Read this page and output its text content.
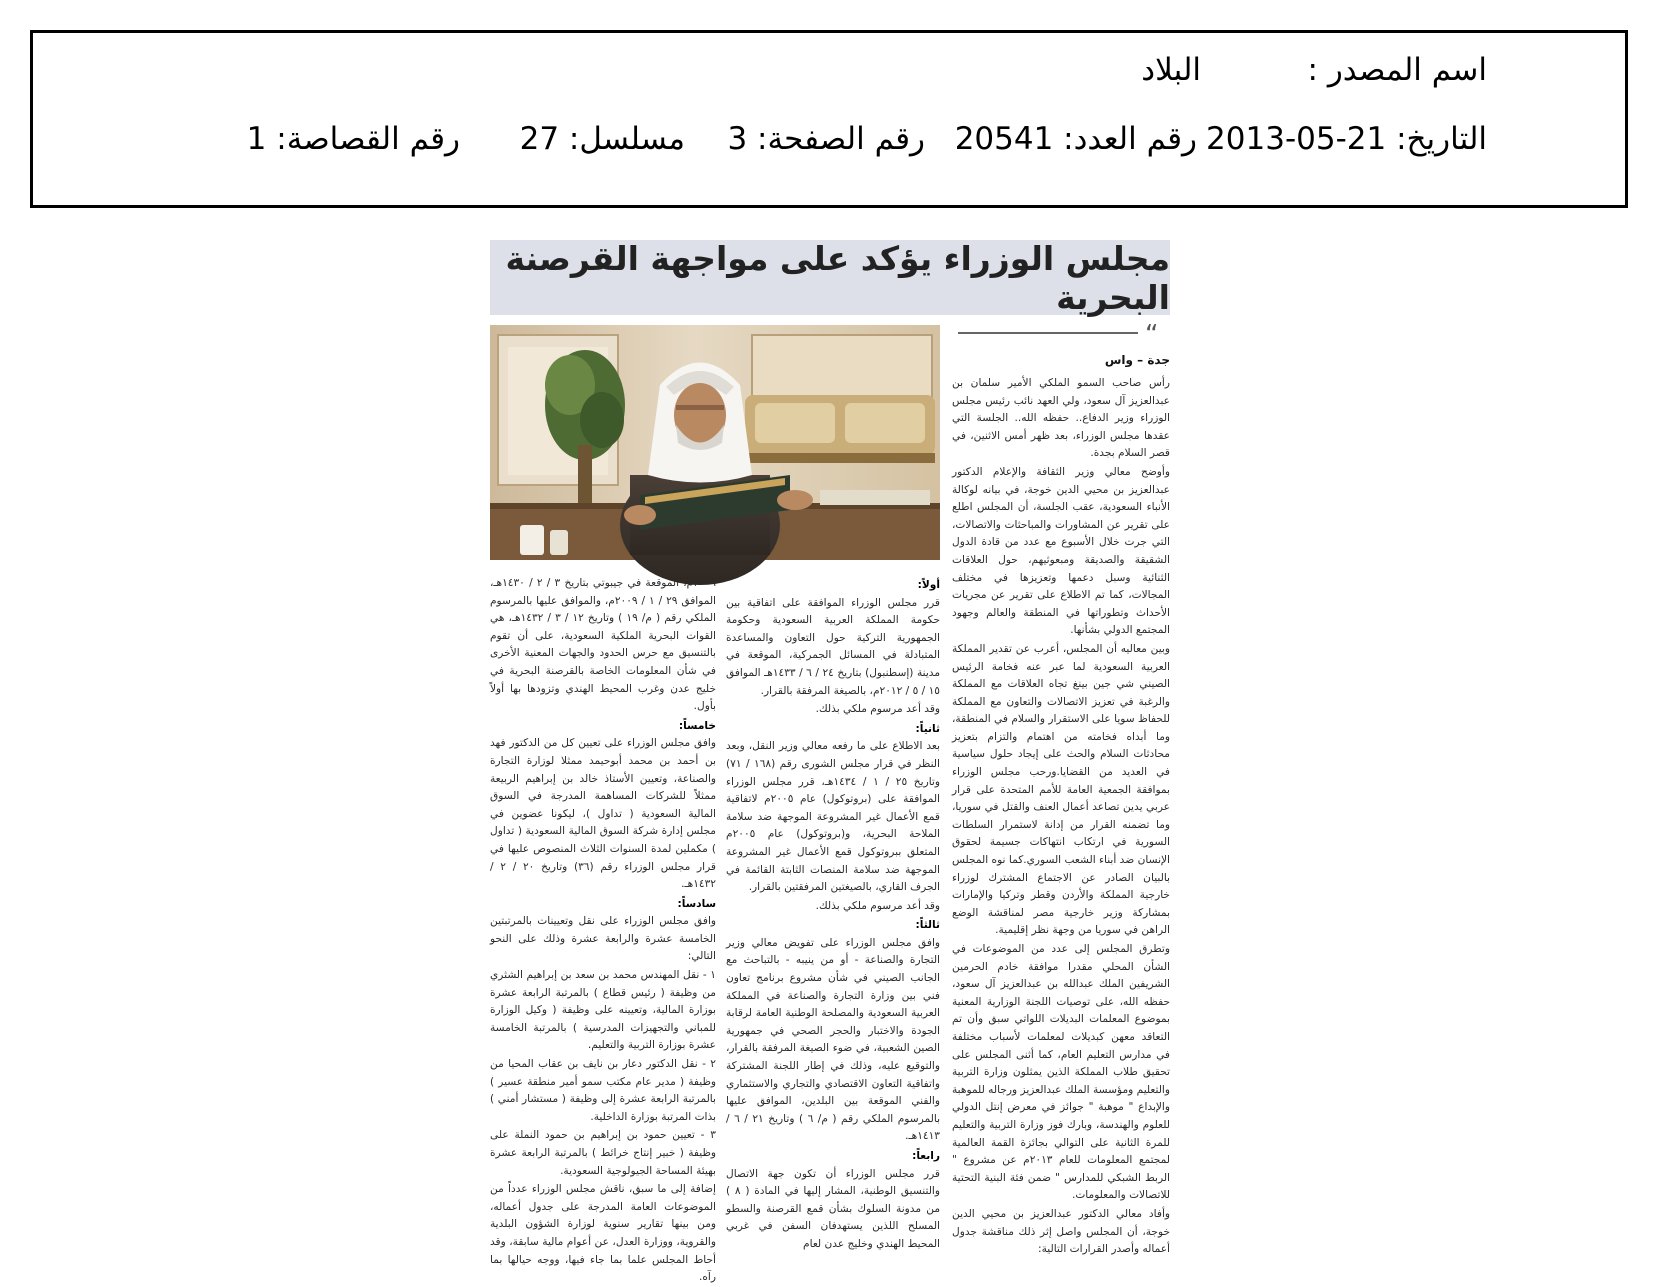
اسم المصدر :
البلاد
التاريخ: 21-05-2013
رقم العدد: 20541
رقم الصفحة: 3
مسلسل: 27
رقم القصاصة: 1
مجلس الوزراء يؤكد على مواجهة القرصنة البحرية
“
جدة – واس

رأس صاحب السمو الملكي الأمير سلمان بن عبدالعزيز آل سعود، ولي العهد نائب رئيس مجلس الوزراء وزير الدفاع.. حفظه الله.. الجلسة التي عقدها مجلس الوزراء، بعد ظهر أمس الاثنين، في قصر السلام بجدة.

وأوضح معالي وزير الثقافة والإعلام الدكتور عبدالعزيز بن محيي الدين خوجة، في بيانه لوكالة الأنباء السعودية، عقب الجلسة، أن المجلس اطلع على تقرير عن المشاورات والمباحثات والاتصالات، التي جرت خلال الأسبوع مع عدد من قادة الدول الشقيقة والصديقة ومبعوثيهم، حول العلاقات الثنائية وسبل دعمها وتعزيزها في مختلف المجالات، كما تم الاطلاع على تقرير عن مجريات الأحداث وتطوراتها في المنطقة والعالم وجهود المجتمع الدولي بشأنها.

وبين معاليه أن المجلس، أعرب عن تقدير المملكة العربية السعودية لما عبر عنه فخامة الرئيس الصيني شي جين بينغ تجاه العلاقات مع المملكة والرغبة في تعزيز الاتصالات والتعاون مع المملكة للحفاظ سويا على الاستقرار والسلام في المنطقة، وما أبداه فخامته من اهتمام والتزام بتعزيز محادثات السلام والحث على إيجاد حلول سياسية في العديد من القضايا.ورحب مجلس الوزراء بموافقة الجمعية العامة للأمم المتحدة على قرار عربي يدين تصاعد أعمال العنف والقتل في سوريا، وما تضمنه القرار من إدانة لاستمرار السلطات السورية في ارتكاب انتهاكات جسيمة لحقوق الإنسان ضد أبناء الشعب السوري.كما نوه المجلس بالبيان الصادر عن الاجتماع المشترك لوزراء خارجية المملكة والأردن وقطر وتركيا والإمارات بمشاركة وزير خارجية مصر لمناقشة الوضع الراهن في سوريا من وجهة نظر إقليمية.

وتطرق المجلس إلى عدد من الموضوعات في الشأن المحلي مقدرا موافقة خادم الحرمين الشريفين الملك عبدالله بن عبدالعزيز آل سعود، حفظه الله، على توصيات اللجنة الوزارية المعنية بموضوع المعلمات البديلات اللواتي سبق وأن تم التعاقد معهن كبديلات لمعلمات لأسباب مختلفة في مدارس التعليم العام، كما أثنى المجلس على تحقيق طلاب المملكة الذين يمثلون وزارة التربية والتعليم ومؤسسة الملك عبدالعزيز ورجاله للموهبة والإبداع " موهبة " جوائز في معرض إنتل الدولي للعلوم والهندسة، وبارك فوز وزارة التربية والتعليم للمرة الثانية على التوالي بجائزة القمة العالمية لمجتمع المعلومات للعام ٢٠١٣م عن مشروع " الربط الشبكي للمدارس " ضمن فئة البنية التحتية للاتصالات والمعلومات.

وأفاد معالي الدكتور عبدالعزيز بن محيي الدين خوجة، أن المجلس واصل إثر ذلك مناقشة جدول أعماله وأصدر القرارات التالية:

أولاً:

قرر مجلس الوزراء الموافقة على اتفاقية بين حكومة المملكة العربية السعودية وحكومة الجمهورية التركية حول التعاون والمساعدة المتبادلة في المسائل الجمركية، الموقعة في مدينة (إسطنبول) بتاريخ ٢٤ / ٦ / ١٤٣٣هـ الموافق ١٥ / ٥ / ٢٠١٢م، بالصيغة المرفقة بالقرار.

وقد أعد مرسوم ملكي بذلك.

ثانياً:

بعد الاطلاع على ما رفعه معالي وزير النقل، وبعد النظر في قرار مجلس الشورى رقم (١٦٨ / ٧١) وتاريخ ٢٥ / ١ / ١٤٣٤هـ، قرر مجلس الوزراء الموافقة على (بروتوكول) عام ٢٠٠٥م لاتفاقية قمع الأعمال غير المشروعة الموجهة ضد سلامة الملاحة البحرية، و(بروتوكول) عام ٢٠٠٥م المتعلق ببروتوكول قمع الأعمال غير المشروعة الموجهة ضد سلامة المنصات الثابتة القائمة في الجرف القاري، بالصيغتين المرفقتين بالقرار.

وقد أعد مرسوم ملكي بذلك.

ثالثاً:

وافق مجلس الوزراء على تفويض معالي وزير التجارة والصناعة - أو من ينيبه - بالتباحث مع الجانب الصيني في شأن مشروع برنامج تعاون فني بين وزارة التجارة والصناعة في المملكة العربية السعودية والمصلحة الوطنية العامة لرقابة الجودة والاختبار والحجر الصحي في جمهورية الصين الشعبية، في ضوء الصيغة المرفقة بالقرار، والتوقيع عليه، وذلك في إطار اللجنة المشتركة واتفاقية التعاون الاقتصادي والتجاري والاستثماري والفني الموقعة بين البلدين، الموافق عليها بالمرسوم الملكي رقم ( م/ ٦ ) وتاريخ ٢١ / ٦ / ١٤١٣هـ.

رابعاً:

قرر مجلس الوزراء أن تكون جهة الاتصال والتنسيق الوطنية، المشار إليها في المادة ( ٨ ) من مدونة السلوك بشأن قمع القرصنة والسطو المسلح اللذين يستهدفان السفن في غربي المحيط الهندي وخليج عدن لعام

٢٠٠٩م، الموقعة في جيبوتي بتاريخ ٣ / ٢ / ١٤٣٠هـ، الموافق ٢٩ / ١ / ٢٠٠٩م، والموافق عليها بالمرسوم الملكي رقم ( م/ ١٩ ) وتاريخ ١٢ / ٣ / ١٤٣٢هـ، هي القوات البحرية الملكية السعودية، على أن تقوم بالتنسيق مع حرس الحدود والجهات المعنية الأخرى في شأن المعلومات الخاصة بالقرصنة البحرية في خليج عدن وغرب المحيط الهندي وتزودها بها أولاً بأول.

خامساً:

وافق مجلس الوزراء على تعيين كل من الدكتور فهد بن أحمد بن محمد أبوحيمد ممثلا لوزارة التجارة والصناعة، وتعيين الأستاذ خالد بن إبراهيم الربيعة ممثلاً للشركات المساهمة المدرجة في السوق المالية السعودية ( تداول )، ليكونا عضوين في مجلس إدارة شركة السوق المالية السعودية ( تداول ) مكملين لمدة السنوات الثلاث المنصوص عليها في قرار مجلس الوزراء رقم (٣٦) وتاريخ ٢٠ / ٢ / ١٤٣٢هـ.

سادساً:

وافق مجلس الوزراء على نقل وتعيينات بالمرتبتين الخامسة عشرة والرابعة عشرة وذلك على النحو التالي:

١ - نقل المهندس محمد بن سعد بن إبراهيم الشثري من وظيفة ( رئيس قطاع ) بالمرتبة الرابعة عشرة بوزارة المالية، وتعيينه على وظيفة ( وكيل الوزارة للمباني والتجهيزات المدرسية ) بالمرتبة الخامسة عشرة بوزارة التربية والتعليم.

٢ - نقل الدكتور دعار بن نايف بن عقاب المحيا من وظيفة ( مدير عام مكتب سمو أمير منطقة عسير ) بالمرتبة الرابعة عشرة إلى وظيفة ( مستشار أمني ) بذات المرتبة بوزارة الداخلية.

٣ - تعيين حمود بن إبراهيم بن حمود النملة على وظيفة ( خبير إنتاج خرائط ) بالمرتبة الرابعة عشرة بهيئة المساحة الجيولوجية السعودية.

إضافة إلى ما سبق، ناقش مجلس الوزراء عدداً من الموضوعات العامة المدرجة على جدول أعماله، ومن بينها تقارير سنوية لوزارة الشؤون البلدية والقروية، ووزارة العدل، عن أعوام مالية سابقة، وقد أحاط المجلس علما بما جاء فيها، ووجه حيالها بما رآه.
